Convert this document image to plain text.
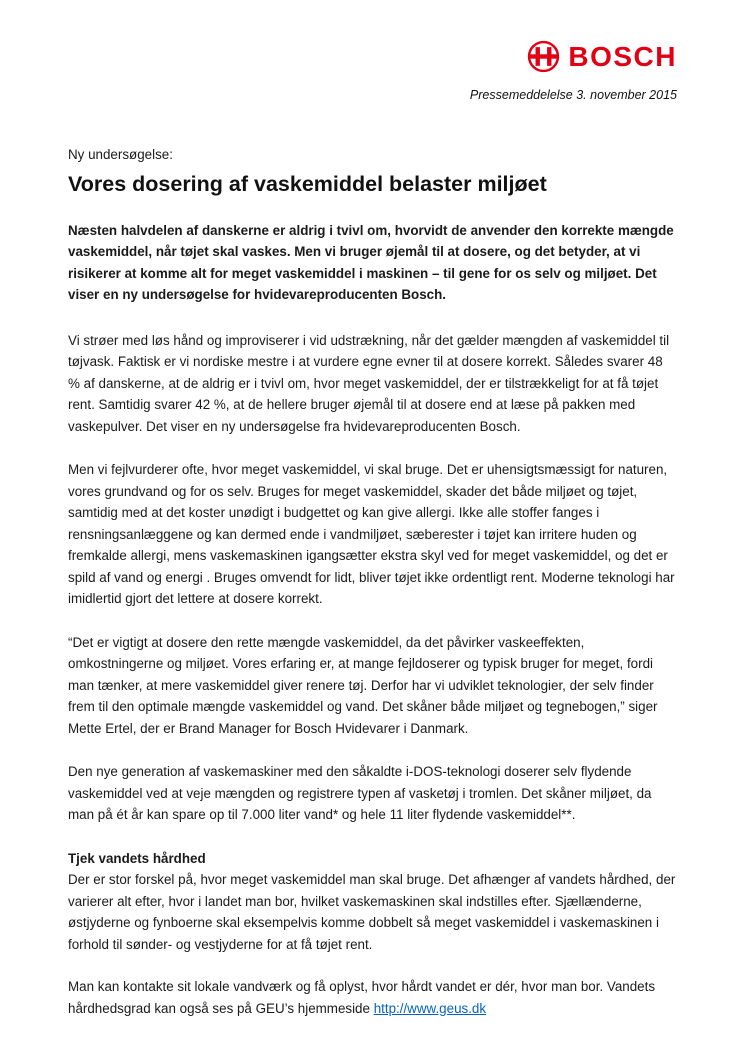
BOSCH
Pressemeddelelse 3. november 2015

Ny undersøgelse:

Vores dosering af vaskemiddel belaster miljøet

Næsten halvdelen af danskerne er aldrig i tvivl om, hvorvidt de anvender den korrekte mængde vaskemiddel, når tøjet skal vaskes. Men vi bruger øjemål til at dosere, og det betyder, at vi risikerer at komme alt for meget vaskemiddel i maskinen – til gene for os selv og miljøet. Det viser en ny undersøgelse for hvidevareproducenten Bosch.

Vi strøer med løs hånd og improviserer i vid udstrækning, når det gælder mængden af vaskemiddel til tøjvask. Faktisk er vi nordiske mestre i at vurdere egne evner til at dosere korrekt. Således svarer 48 % af danskerne, at de aldrig er i tvivl om, hvor meget vaskemiddel, der er tilstrækkeligt for at få tøjet rent. Samtidig svarer 42 %, at de hellere bruger øjemål til at dosere end at læse på pakken med vaskepulver. Det viser en ny undersøgelse fra hvidevareproducenten Bosch.

Men vi fejlvurderer ofte, hvor meget vaskemiddel, vi skal bruge. Det er uhensigtsmæssigt for naturen, vores grundvand og for os selv. Bruges for meget vaskemiddel, skader det både miljøet og tøjet, samtidig med at det koster unødigt i budgettet og kan give allergi. Ikke alle stoffer fanges i rensningsanlæggene og kan dermed ende i vandmiljøet, sæberester i tøjet kan irritere huden og fremkalde allergi, mens vaskemaskinen igangsætter ekstra skyl ved for meget vaskemiddel, og det er spild af vand og energi . Bruges omvendt for lidt, bliver tøjet ikke ordentligt rent. Moderne teknologi har imidlertid gjort det lettere at dosere korrekt.

“Det er vigtigt at dosere den rette mængde vaskemiddel, da det påvirker vaskeeffekten, omkostningerne og miljøet. Vores erfaring er, at mange fejldoserer og typisk bruger for meget, fordi man tænker, at mere vaskemiddel giver renere tøj. Derfor har vi udviklet teknologier, der selv finder frem til den optimale mængde vaskemiddel og vand. Det skåner både miljøet og tegnebogen,” siger Mette Ertel, der er Brand Manager for Bosch Hvidevarer i Danmark.

Den nye generation af vaskemaskiner med den såkaldte i-DOS-teknologi doserer selv flydende vaskemiddel ved at veje mængden og registrere typen af vasketøj i tromlen. Det skåner miljøet, da man på ét år kan spare op til 7.000 liter vand* og hele 11 liter flydende vaskemiddel**.

Tjek vandets hårdhed

Der er stor forskel på, hvor meget vaskemiddel man skal bruge. Det afhænger af vandets hårdhed, der varierer alt efter, hvor i landet man bor, hvilket vaskemaskinen skal indstilles efter. Sjællænderne, østjyderne og fynboerne skal eksempelvis komme dobbelt så meget vaskemiddel i vaskemaskinen i forhold til sønder- og vestjyderne for at få tøjet rent.

Man kan kontakte sit lokale vandværk og få oplyst, hvor hårdt vandet er dér, hvor man bor. Vandets hårdhedsgrad kan også ses på GEU’s hjemmeside http://www.geus.dk
